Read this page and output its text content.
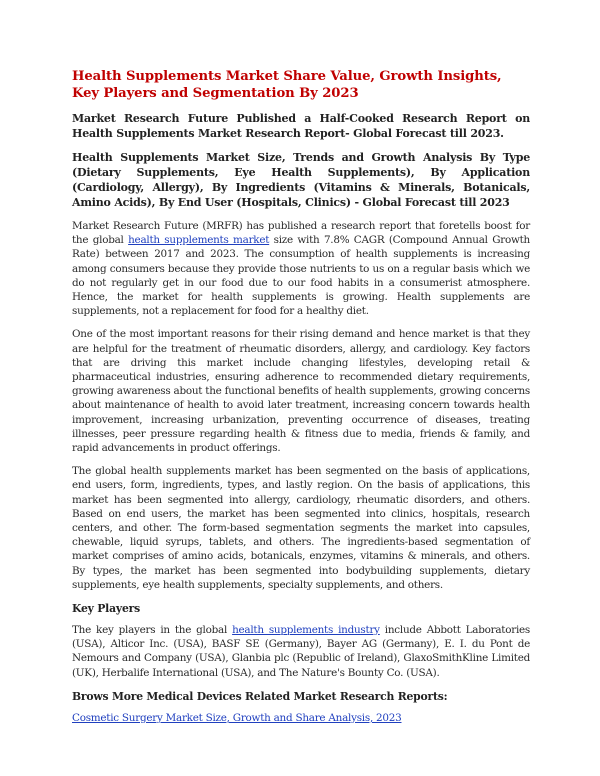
Health Supplements Market Share Value, Growth Insights, Key Players and Segmentation By 2023
Market Research Future Published a Half-Cooked Research Report on Health Supplements Market Research Report- Global Forecast till 2023.
Health Supplements Market Size, Trends and Growth Analysis By Type (Dietary Supplements, Eye Health Supplements), By Application (Cardiology, Allergy), By Ingredients (Vitamins & Minerals, Botanicals, Amino Acids), By End User (Hospitals, Clinics) - Global Forecast till 2023

Market Research Future (MRFR) has published a research report that foretells boost for the global health supplements market size with 7.8% CAGR (Compound Annual Growth Rate) between 2017 and 2023. The consumption of health supplements is increasing among consumers because they provide those nutrients to us on a regular basis which we do not regularly get in our food due to our food habits in a consumerist atmosphere. Hence, the market for health supplements is growing. Health supplements are supplements, not a replacement for food for a healthy diet.

One of the most important reasons for their rising demand and hence market is that they are helpful for the treatment of rheumatic disorders, allergy, and cardiology. Key factors that are driving this market include changing lifestyles, developing retail & pharmaceutical industries, ensuring adherence to recommended dietary requirements, growing awareness about the functional benefits of health supplements, growing concerns about maintenance of health to avoid later treatment, increasing concern towards health improvement, increasing urbanization, preventing occurrence of diseases, treating illnesses, peer pressure regarding health & fitness due to media, friends & family, and rapid advancements in product offerings.

The global health supplements market has been segmented on the basis of applications, end users, form, ingredients, types, and lastly region. On the basis of applications, this market has been segmented into allergy, cardiology, rheumatic disorders, and others. Based on end users, the market has been segmented into clinics, hospitals, research centers, and other. The form-based segmentation segments the market into capsules, chewable, liquid syrups, tablets, and others. The ingredients-based segmentation of market comprises of amino acids, botanicals, enzymes, vitamins & minerals, and others. By types, the market has been segmented into bodybuilding supplements, dietary supplements, eye health supplements, specialty supplements, and others.

Key Players

The key players in the global health supplements industry include Abbott Laboratories (USA), Alticor Inc. (USA), BASF SE (Germany), Bayer AG (Germany), E. I. du Pont de Nemours and Company (USA), Glanbia plc (Republic of Ireland), GlaxoSmithKline Limited (UK), Herbalife International (USA), and The Nature's Bounty Co. (USA).

Brows More Medical Devices Related Market Research Reports:

Cosmetic Surgery Market Size, Growth and Share Analysis, 2023
